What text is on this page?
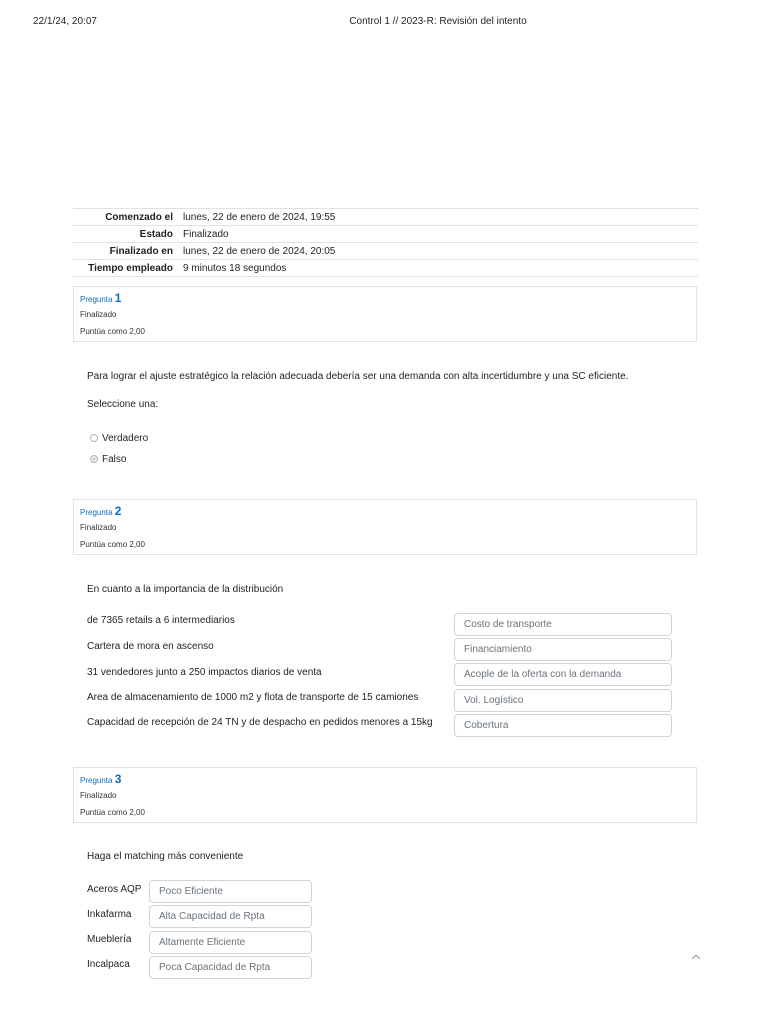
22/1/24, 20:07	Control 1 // 2023-R: Revisión del intento
Comenzado el	lunes, 22 de enero de 2024, 19:55
Estado	Finalizado
Finalizado en	lunes, 22 de enero de 2024, 20:05
Tiempo empleado	9 minutos 18 segundos
Pregunta 1
Finalizado
Puntúa como 2,00
Para lograr el ajuste estratégico la relación adecuada debería ser una demanda con alta incertidumbre y una SC eficiente.
Seleccione una:
Verdadero
Falso
Pregunta 2
Finalizado
Puntúa como 2,00
En cuanto a la importancia de la distribución
de 7365 retails a 6 intermediarios	Costo de transporte
Cartera de mora en ascenso	Financiamiento
31 vendedores junto a 250 impactos diarios de venta	Acople de la oferta con la demanda
Area de almacenamiento de 1000 m2 y flota de transporte de 15 camiones	Vol. Logístico
Capacidad de recepción de 24 TN y de despacho en pedidos menores a 15kg	Cobertura
Pregunta 3
Finalizado
Puntúa como 2,00
Haga el matching más conveniente
Aceros AQP	Poco Eficiente
Inkafarma	Alta Capacidad de Rpta
Mueblería	Altamente Eficiente
Incalpaca	Poca Capacidad de Rpta
